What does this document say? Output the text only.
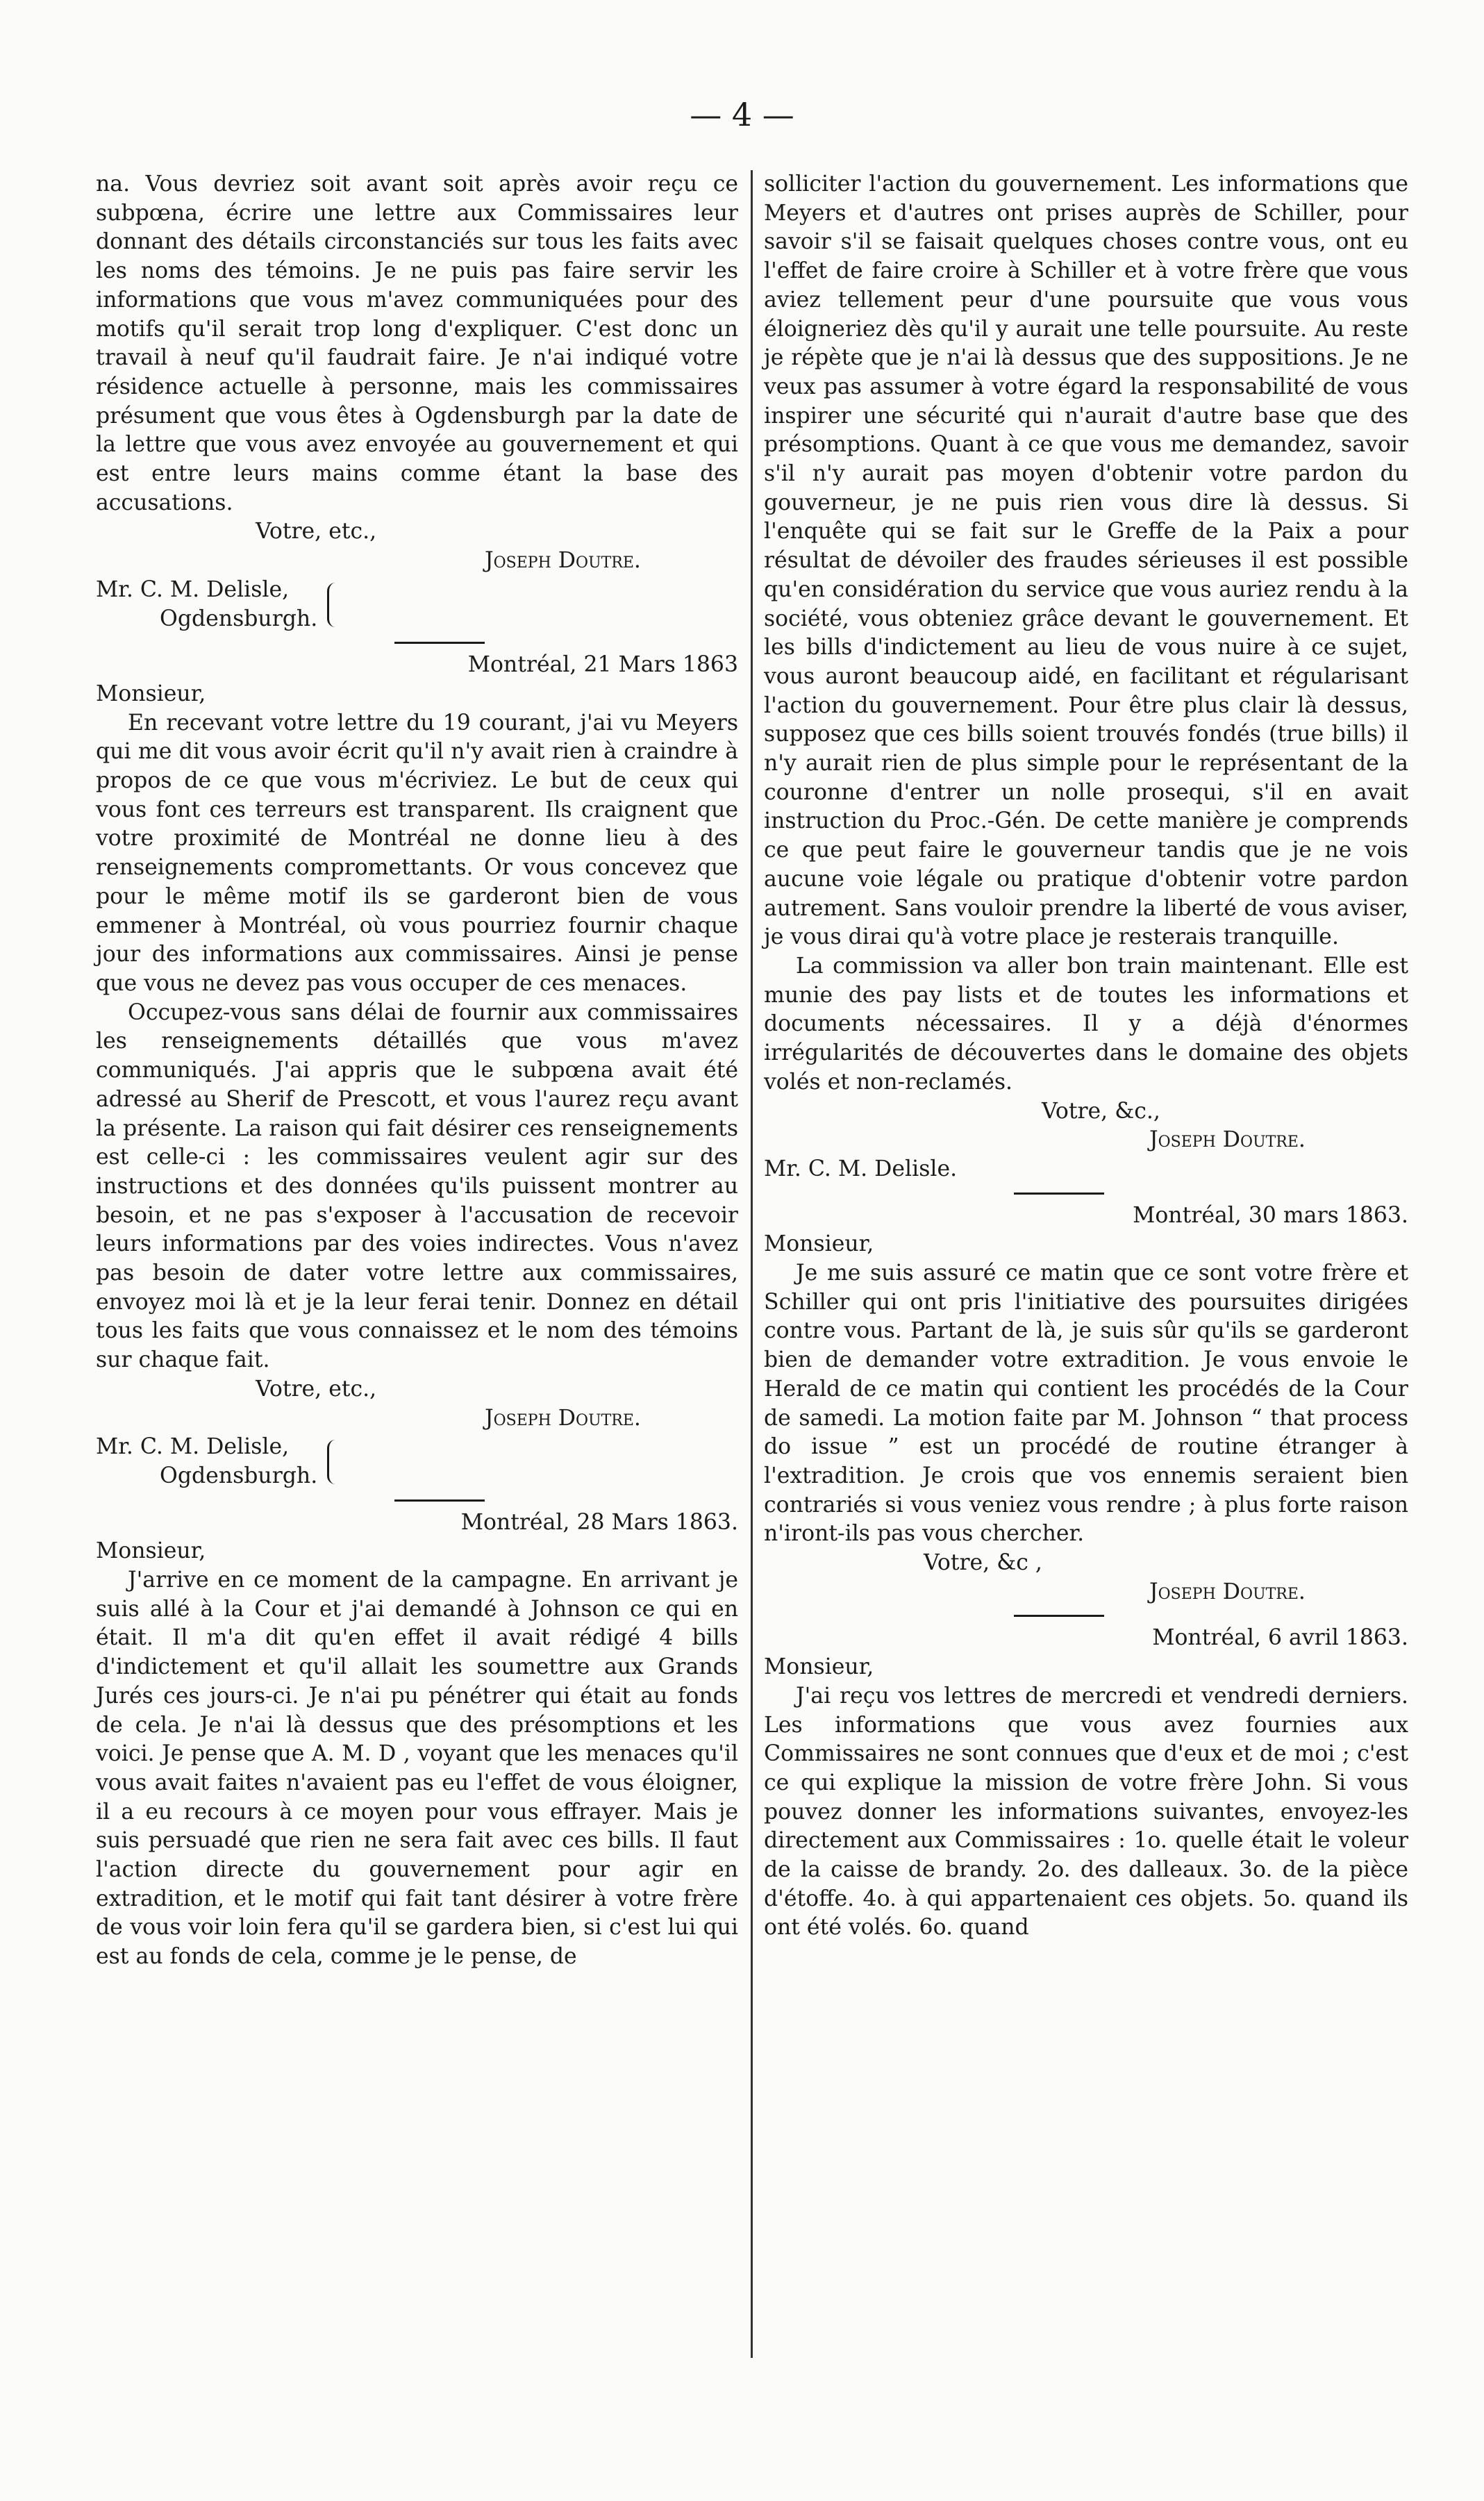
— 4 —

na. Vous devriez soit avant soit après avoir reçu ce subpœna, écrire une lettre aux Commissaires leur donnant des détails circonstanciés sur tous les faits avec les noms des témoins. Je ne puis pas faire servir les informations que vous m'avez communiquées pour des motifs qu'il serait trop long d'expliquer. C'est donc un travail à neuf qu'il faudrait faire. Je n'ai indiqué votre résidence actuelle à personne, mais les commissaires présument que vous êtes à Ogdensburgh par la date de la lettre que vous avez envoyée au gouvernement et qui est entre leurs mains comme étant la base des accusations.

Votre, etc.,

Joseph Doutre.

Mr. C. M. Delisle,
Ogdensburgh.

Montréal, 21 Mars 1863

Monsieur,

En recevant votre lettre du 19 courant, j'ai vu Meyers qui me dit vous avoir écrit qu'il n'y avait rien à craindre à propos de ce que vous m'écriviez. Le but de ceux qui vous font ces terreurs est transparent. Ils craignent que votre proximité de Montréal ne donne lieu à des renseignements compromettants. Or vous concevez que pour le même motif ils se garderont bien de vous emmener à Montréal, où vous pourriez fournir chaque jour des informations aux commissaires. Ainsi je pense que vous ne devez pas vous occuper de ces menaces.

Occupez-vous sans délai de fournir aux commissaires les renseignements détaillés que vous m'avez communiqués. J'ai appris que le subpœna avait été adressé au Sherif de Prescott, et vous l'aurez reçu avant la présente. La raison qui fait désirer ces renseignements est celle-ci : les commissaires veulent agir sur des instructions et des données qu'ils puissent montrer au besoin, et ne pas s'exposer à l'accusation de recevoir leurs informations par des voies indirectes. Vous n'avez pas besoin de dater votre lettre aux commissaires, envoyez moi là et je la leur ferai tenir. Donnez en détail tous les faits que vous connaissez et le nom des témoins sur chaque fait.

Votre, etc.,

Joseph Doutre.

Mr. C. M. Delisle,
Ogdensburgh.

Montréal, 28 Mars 1863.

Monsieur,

J'arrive en ce moment de la campagne. En arrivant je suis allé à la Cour et j'ai demandé à Johnson ce qui en était. Il m'a dit qu'en effet il avait rédigé 4 bills d'indictement et qu'il allait les soumettre aux Grands Jurés ces jours-ci. Je n'ai pu pénétrer qui était au fonds de cela. Je n'ai là dessus que des présomptions et les voici. Je pense que A. M. D , voyant que les menaces qu'il vous avait faites n'avaient pas eu l'effet de vous éloigner, il a eu recours à ce moyen pour vous effrayer. Mais je suis persuadé que rien ne sera fait avec ces bills. Il faut l'action directe du gouvernement pour agir en extradition, et le motif qui fait tant désirer à votre frère de vous voir loin fera qu'il se gardera bien, si c'est lui qui est au fonds de cela, comme je le pense, de

solliciter l'action du gouvernement. Les informations que Meyers et d'autres ont prises auprès de Schiller, pour savoir s'il se faisait quelques choses contre vous, ont eu l'effet de faire croire à Schiller et à votre frère que vous aviez tellement peur d'une poursuite que vous vous éloigneriez dès qu'il y aurait une telle poursuite. Au reste je répète que je n'ai là dessus que des suppositions. Je ne veux pas assumer à votre égard la responsabilité de vous inspirer une sécurité qui n'aurait d'autre base que des présomptions. Quant à ce que vous me demandez, savoir s'il n'y aurait pas moyen d'obtenir votre pardon du gouverneur, je ne puis rien vous dire là dessus. Si l'enquête qui se fait sur le Greffe de la Paix a pour résultat de dévoiler des fraudes sérieuses il est possible qu'en considération du service que vous auriez rendu à la société, vous obteniez grâce devant le gouvernement. Et les bills d'indictement au lieu de vous nuire à ce sujet, vous auront beaucoup aidé, en facilitant et régularisant l'action du gouvernement. Pour être plus clair là dessus, supposez que ces bills soient trouvés fondés (true bills) il n'y aurait rien de plus simple pour le représentant de la couronne d'entrer un nolle prosequi, s'il en avait instruction du Proc.-Gén. De cette manière je comprends ce que peut faire le gouverneur tandis que je ne vois aucune voie légale ou pratique d'obtenir votre pardon autrement. Sans vouloir prendre la liberté de vous aviser, je vous dirai qu'à votre place je resterais tranquille.

La commission va aller bon train maintenant. Elle est munie des pay lists et de toutes les informations et documents nécessaires. Il y a déjà d'énormes irrégularités de découvertes dans le domaine des objets volés et non-reclamés.

Votre, &c.,

Joseph Doutre.

Mr. C. M. Delisle.

Montréal, 30 mars 1863.

Monsieur,

Je me suis assuré ce matin que ce sont votre frère et Schiller qui ont pris l'initiative des poursuites dirigées contre vous. Partant de là, je suis sûr qu'ils se garderont bien de demander votre extradition. Je vous envoie le Herald de ce matin qui contient les procédés de la Cour de samedi. La motion faite par M. Johnson “ that process do issue ” est un procédé de routine étranger à l'extradition. Je crois que vos ennemis seraient bien contrariés si vous veniez vous rendre ; à plus forte raison n'iront-ils pas vous chercher.

Votre, &c ,

Joseph Doutre.

Montréal, 6 avril 1863.

Monsieur,

J'ai reçu vos lettres de mercredi et vendredi derniers. Les informations que vous avez fournies aux Commissaires ne sont connues que d'eux et de moi ; c'est ce qui explique la mission de votre frère John. Si vous pouvez donner les informations suivantes, envoyez-les directement aux Commissaires : 1o. quelle était le voleur de la caisse de brandy. 2o. des dalleaux. 3o. de la pièce d'étoffe. 4o. à qui appartenaient ces objets. 5o. quand ils ont été volés. 6o. quand
